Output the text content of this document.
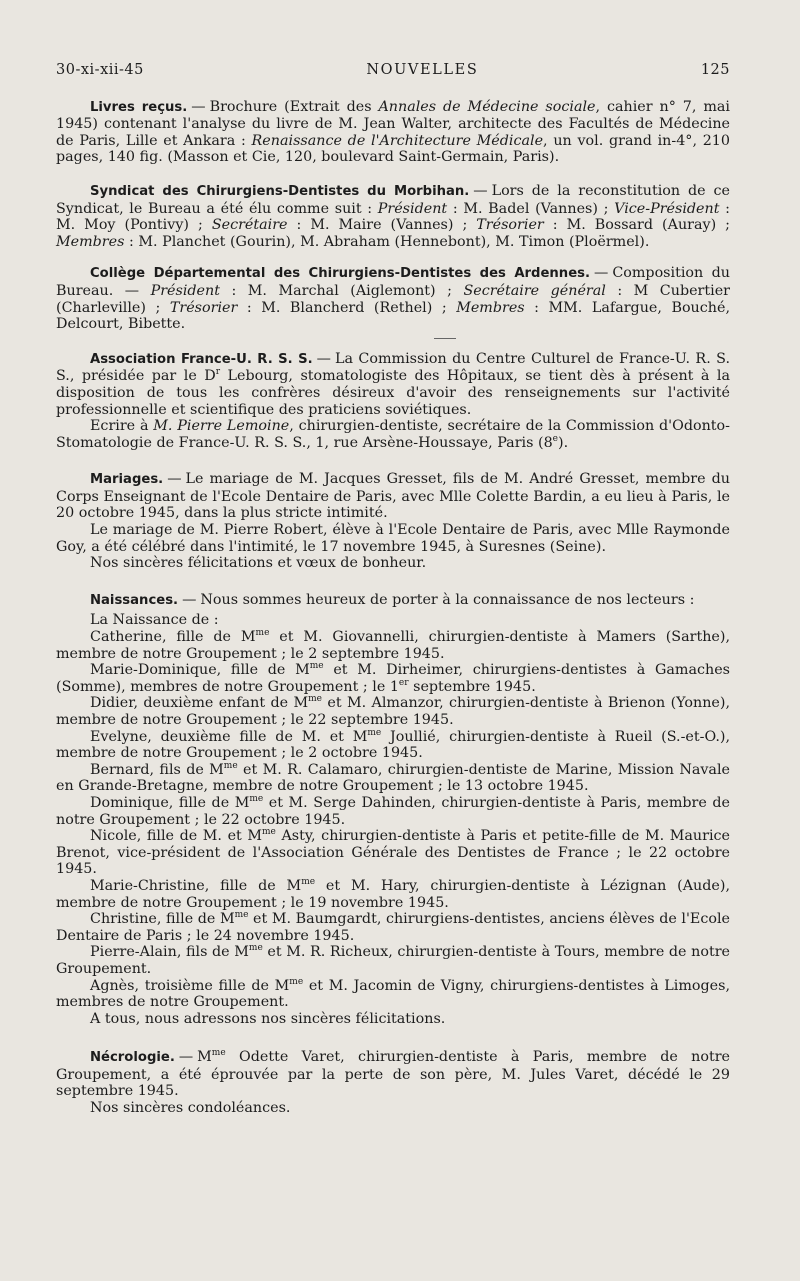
30-xi-xii-45	NOUVELLES	125

Livres reçus. — Brochure (Extrait des Annales de Médecine sociale, cahier n° 7, mai 1945) contenant l'analyse du livre de M. Jean Walter, architecte des Facultés de Médecine de Paris, Lille et Ankara : Renaissance de l'Architecture Médicale, un vol. grand in-4°, 210 pages, 140 fig. (Masson et Cie, 120, boulevard Saint-Germain, Paris).

Syndicat des Chirurgiens-Dentistes du Morbihan. — Lors de la reconstitution de ce Syndicat, le Bureau a été élu comme suit : Président : M. Badel (Vannes) ; Vice-Président : M. Moy (Pontivy) ; Secrétaire : M. Maire (Vannes) ; Trésorier : M. Bossard (Auray) ; Membres : M. Planchet (Gourin), M. Abraham (Hennebont), M. Timon (Ploërmel).

Collège Départemental des Chirurgiens-Dentistes des Ardennes. — Composition du Bureau. — Président : M. Marchal (Aiglemont) ; Secrétaire général : M Cubertier (Charleville) ; Trésorier : M. Blancherd (Rethel) ; Membres : MM. Lafargue, Bouché, Delcourt, Bibette.

Association France-U. R. S. S. — La Commission du Centre Culturel de France-U. R. S. S., présidée par le $D^r$ Lebourg, stomatologiste des Hôpitaux, se tient dès à présent à la disposition de tous les confrères désireux d'avoir des renseignements sur l'activité professionnelle et scientifique des praticiens soviétiques.

Ecrire à M. Pierre Lemoine, chirurgien-dentiste, secrétaire de la Commission d'Odonto-Stomatologie de France-U. R. S. S., 1, rue Arsène-Houssaye, Paris (8e).

Mariages. — Le mariage de M. Jacques Gresset, fils de M. André Gresset, membre du Corps Enseignant de l'Ecole Dentaire de Paris, avec Mlle Colette Bardin, a eu lieu à Paris, le 20 octobre 1945, dans la plus stricte intimité.

Le mariage de M. Pierre Robert, élève à l'Ecole Dentaire de Paris, avec Mlle Raymonde Goy, a été célébré dans l'intimité, le 17 novembre 1945, à Suresnes (Seine).

Nos sincères félicitations et vœux de bonheur.

Naissances. — Nous sommes heureux de porter à la connaissance de nos lecteurs :

La Naissance de :

Catherine, fille de $M^{me}$ et M. Giovannelli, chirurgien-dentiste à Mamers (Sarthe), membre de notre Groupement ; le 2 septembre 1945.

Marie-Dominique, fille de $M^{me}$ et M. Dirheimer, chirurgiens-dentistes à Gamaches (Somme), membres de notre Groupement ; le 1er septembre 1945.

Didier, deuxième enfant de $M^{me}$ et M. Almanzor, chirurgien-dentiste à Brienon (Yonne), membre de notre Groupement ; le 22 septembre 1945.

Evelyne, deuxième fille de M. et $M^{me}$ Joullié, chirurgien-dentiste à Rueil (S.-et-O.), membre de notre Groupement ; le 2 octobre 1945.

Bernard, fils de $M^{me}$ et M. R. Calamaro, chirurgien-dentiste de Marine, Mission Navale en Grande-Bretagne, membre de notre Groupement ; le 13 octobre 1945.

Dominique, fille de $M^{me}$ et M. Serge Dahinden, chirurgien-dentiste à Paris, membre de notre Groupement ; le 22 octobre 1945.

Nicole, fille de M. et $M^{me}$ Asty, chirurgien-dentiste à Paris et petite-fille de M. Maurice Brenot, vice-président de l'Association Générale des Dentistes de France ; le 22 octobre 1945.

Marie-Christine, fille de $M^{me}$ et M. Hary, chirurgien-dentiste à Lézignan (Aude), membre de notre Groupement ; le 19 novembre 1945.

Christine, fille de $M^{me}$ et M. Baumgardt, chirurgiens-dentistes, anciens élèves de l'Ecole Dentaire de Paris ; le 24 novembre 1945.

Pierre-Alain, fils de $M^{me}$ et M. R. Richeux, chirurgien-dentiste à Tours, membre de notre Groupement.

Agnès, troisième fille de $M^{me}$ et M. Jacomin de Vigny, chirurgiens-dentistes à Limoges, membres de notre Groupement.

A tous, nous adressons nos sincères félicitations.

Nécrologie. — $M^{me}$ Odette Varet, chirurgien-dentiste à Paris, membre de notre Groupement, a été éprouvée par la perte de son père, M. Jules Varet, décédé le 29 septembre 1945.

Nos sincères condoléances.
